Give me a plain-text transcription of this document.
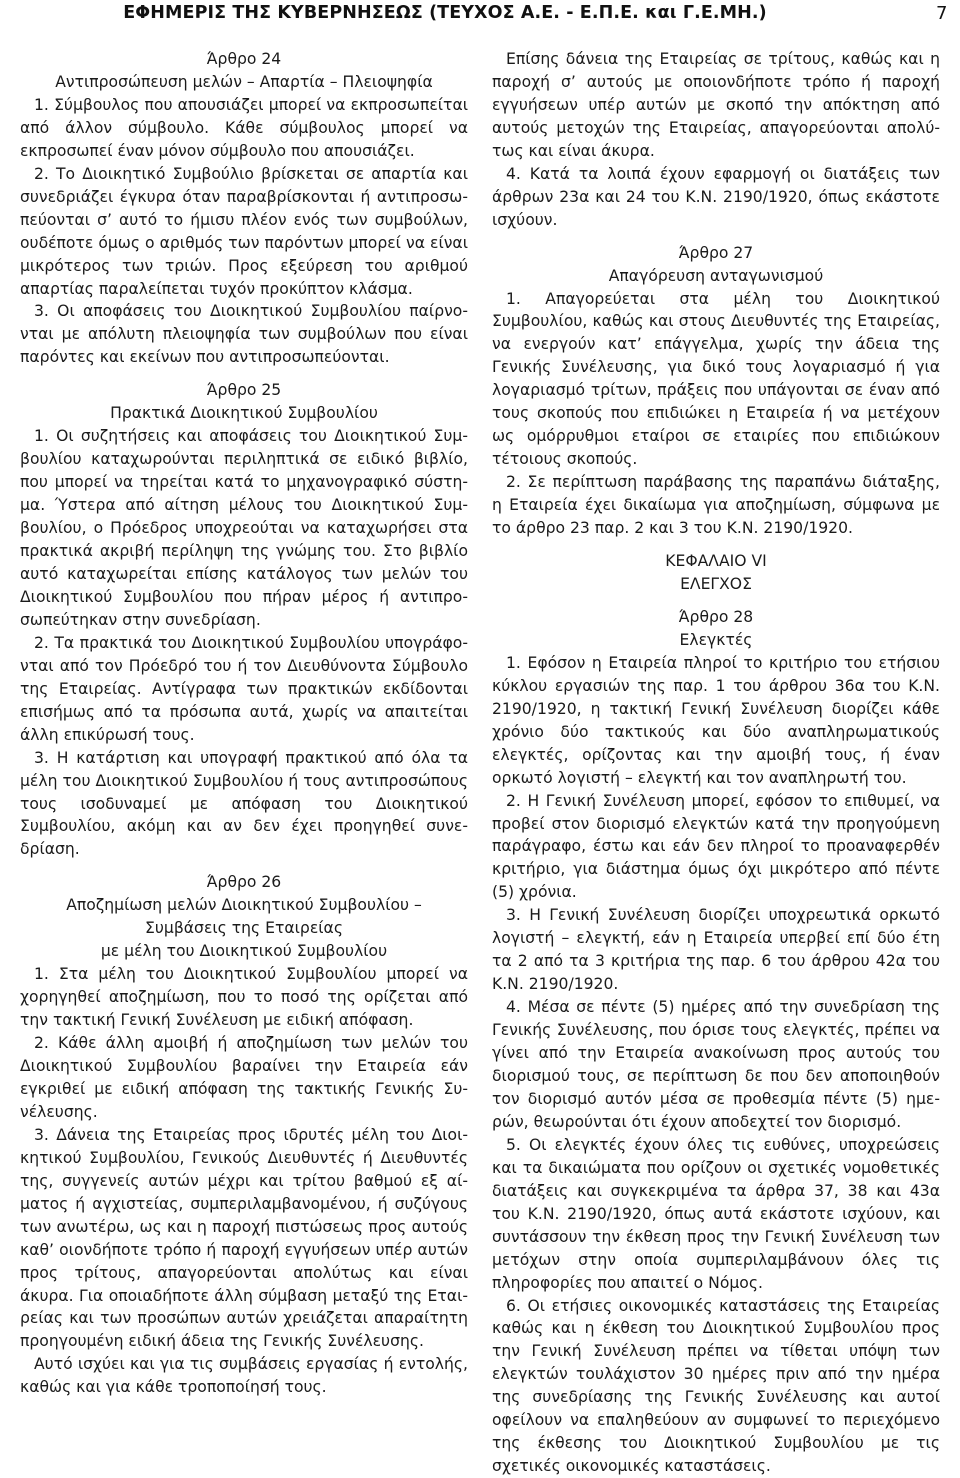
ΕΦΗΜΕΡΙΣ ΤΗΣ ΚΥΒΕΡΝΗΣΕΩΣ (ΤΕΥΧΟΣ Α.Ε. - Ε.Π.Ε. και Γ.Ε.ΜΗ.)	7

Άρθρο 24

Αντιπροσώπευση μελών – Απαρτία – Πλειοψηφία

1. Σύμβουλος που απουσιάζει μπορεί να εκπροσωπείται από άλλον σύμβουλο. Κάθε σύμβουλος μπορεί να εκπροσωπεί έναν μόνον σύμβουλο που απουσιάζει.

2. Το Διοικητικό Συμβούλιο βρίσκεται σε απαρτία και συνεδριάζει έγκυρα όταν παραβρίσκονται ή αντιπροσωπεύονται σ’ αυτό το ήμισυ πλέον ενός των συμβούλων, ουδέποτε όμως ο αριθμός των παρόντων μπορεί να είναι μικρότερος των τριών. Προς εξεύρεση του αριθμού απαρτίας παραλείπεται τυχόν προκύπτον κλάσμα.

3. Οι αποφάσεις του Διοικητικού Συμβουλίου παίρνονται με απόλυτη πλειοψηφία των συμβούλων που είναι παρόντες και εκείνων που αντιπροσωπεύονται.

Άρθρο 25

Πρακτικά Διοικητικού Συμβουλίου

1. Οι συζητήσεις και αποφάσεις του Διοικητικού Συμβουλίου καταχωρούνται περιληπτικά σε ειδικό βιβλίο, που μπορεί να τηρείται κατά το μηχανογραφικό σύστημα. Ύστερα από αίτηση μέλους του Διοικητικού Συμβουλίου, ο Πρόεδρος υποχρεούται να καταχωρήσει στα πρακτικά ακριβή περίληψη της γνώμης του. Στο βιβλίο αυτό καταχωρείται επίσης κατάλογος των μελών του Διοικητικού Συμβουλίου που πήραν μέρος ή αντιπροσωπεύτηκαν στην συνεδρίαση.

2. Τα πρακτικά του Διοικητικού Συμβουλίου υπογράφονται από τον Πρόεδρό του ή τον Διευθύνοντα Σύμβουλο της Εταιρείας. Αντίγραφα των πρακτικών εκδίδονται επισήμως από τα πρόσωπα αυτά, χωρίς να απαιτείται άλλη επικύρωσή τους.

3. Η κατάρτιση και υπογραφή πρακτικού από όλα τα μέλη του Διοικητικού Συμβουλίου ή τους αντιπροσώπους τους ισοδυναμεί με απόφαση του Διοικητικού Συμβουλίου, ακόμη και αν δεν έχει προηγηθεί συνεδρίαση.

Άρθρο 26

Αποζημίωση μελών Διοικητικού Συμβουλίου –

Συμβάσεις της Εταιρείας

με μέλη του Διοικητικού Συμβουλίου

1. Στα μέλη του Διοικητικού Συμβουλίου μπορεί να χορηγηθεί αποζημίωση, που το ποσό της ορίζεται από την τακτική Γενική Συνέλευση με ειδική απόφαση.

2. Κάθε άλλη αμοιβή ή αποζημίωση των μελών του Διοικητικού Συμβουλίου βαραίνει την Εταιρεία εάν εγκριθεί με ειδική απόφαση της τακτικής Γενικής Συνέλευσης.

3. Δάνεια της Εταιρείας προς ιδρυτές μέλη του Διοικητικού Συμβουλίου, Γενικούς Διευθυντές ή Διευθυντές της, συγγενείς αυτών μέχρι και τρίτου βαθμού εξ αίματος ή αγχιστείας, συμπεριλαμβανομένου, ή συζύγους των ανωτέρω, ως και η παροχή πιστώσεως προς αυτούς καθ’ οιονδήποτε τρόπο ή παροχή εγγυήσεων υπέρ αυτών προς τρίτους, απαγορεύονται απολύτως και είναι άκυρα. Για οποιαδήποτε άλλη σύμβαση μεταξύ της Εταιρείας και των προσώπων αυτών χρειάζεται απαραίτητη προηγουμένη ειδική άδεια της Γενικής Συνέλευσης.

Αυτό ισχύει και για τις συμβάσεις εργασίας ή εντολής, καθώς και για κάθε τροποποίησή τους.

Επίσης δάνεια της Εταιρείας σε τρίτους, καθώς και η παροχή σ’ αυτούς με οποιονδήποτε τρόπο ή παροχή εγγυήσεων υπέρ αυτών με σκοπό την απόκτηση από αυτούς μετοχών της Εταιρείας, απαγορεύονται απολύτως και είναι άκυρα.

4. Κατά τα λοιπά έχουν εφαρμογή οι διατάξεις των άρθρων 23α και 24 του Κ.Ν. 2190/1920, όπως εκάστοτε ισχύουν.

Άρθρο 27

Απαγόρευση ανταγωνισμού

1. Απαγορεύεται στα μέλη του Διοικητικού Συμβουλίου, καθώς και στους Διευθυντές της Εταιρείας, να ενεργούν κατ’ επάγγελμα, χωρίς την άδεια της Γενικής Συνέλευσης, για δικό τους λογαριασμό ή για λογαριασμό τρίτων, πράξεις που υπάγονται σε έναν από τους σκοπούς που επιδιώκει η Εταιρεία ή να μετέχουν ως ομόρρυθμοι εταίροι σε εταιρίες που επιδιώκουν τέτοιους σκοπούς.

2. Σε περίπτωση παράβασης της παραπάνω διάταξης, η Εταιρεία έχει δικαίωμα για αποζημίωση, σύμφωνα με το άρθρο 23 παρ. 2 και 3 του Κ.Ν. 2190/1920.

ΚΕΦΑΛΑΙΟ VI

ΕΛΕΓΧΟΣ

Άρθρο 28

Ελεγκτές

1. Εφόσον η Εταιρεία πληροί το κριτήριο του ετήσιου κύκλου εργασιών της παρ. 1 του άρθρου 36α του Κ.Ν. 2190/1920, η τακτική Γενική Συνέλευση διορίζει κάθε χρόνιο δύο τακτικούς και δύο αναπληρωματικούς ελεγκτές, ορίζοντας και την αμοιβή τους, ή έναν ορκωτό λογιστή – ελεγκτή και τον αναπληρωτή του.

2. Η Γενική Συνέλευση μπορεί, εφόσον το επιθυμεί, να προβεί στον διορισμό ελεγκτών κατά την προηγούμενη παράγραφο, έστω και εάν δεν πληροί το προαναφερθέν κριτήριο, για διάστημα όμως όχι μικρότερο από πέντε (5) χρόνια.

3. Η Γενική Συνέλευση διορίζει υποχρεωτικά ορκωτό λογιστή – ελεγκτή, εάν η Εταιρεία υπερβεί επί δύο έτη τα 2 από τα 3 κριτήρια της παρ. 6 του άρθρου 42α του Κ.Ν. 2190/1920.

4. Μέσα σε πέντε (5) ημέρες από την συνεδρίαση της Γενικής Συνέλευσης, που όρισε τους ελεγκτές, πρέπει να γίνει από την Εταιρεία ανακοίνωση προς αυτούς του διορισμού τους, σε περίπτωση δε που δεν αποποιηθούν τον διορισμό αυτόν μέσα σε προθεσμία πέντε (5) ημερών, θεωρούνται ότι έχουν αποδεχτεί τον διορισμό.

5. Οι ελεγκτές έχουν όλες τις ευθύνες, υποχρεώσεις και τα δικαιώματα που ορίζουν οι σχετικές νομοθετικές διατάξεις και συγκεκριμένα τα άρθρα 37, 38 και 43α του Κ.Ν. 2190/1920, όπως αυτά εκάστοτε ισχύουν, και συντάσσουν την έκθεση προς την Γενική Συνέλευση των μετόχων στην οποία συμπεριλαμβάνουν όλες τις πληροφορίες που απαιτεί ο Νόμος.

6. Οι ετήσιες οικονομικές καταστάσεις της Εταιρείας καθώς και η έκθεση του Διοικητικού Συμβουλίου προς την Γενική Συνέλευση πρέπει να τίθεται υπόψη των ελεγκτών τουλάχιστον 30 ημέρες πριν από την ημέρα της συνεδρίασης της Γενικής Συνέλευσης και αυτοί οφείλουν να επαληθεύουν αν συμφωνεί το περιεχόμενο της έκθεσης του Διοικητικού Συμβουλίου με τις σχετικές οικονομικές καταστάσεις.
